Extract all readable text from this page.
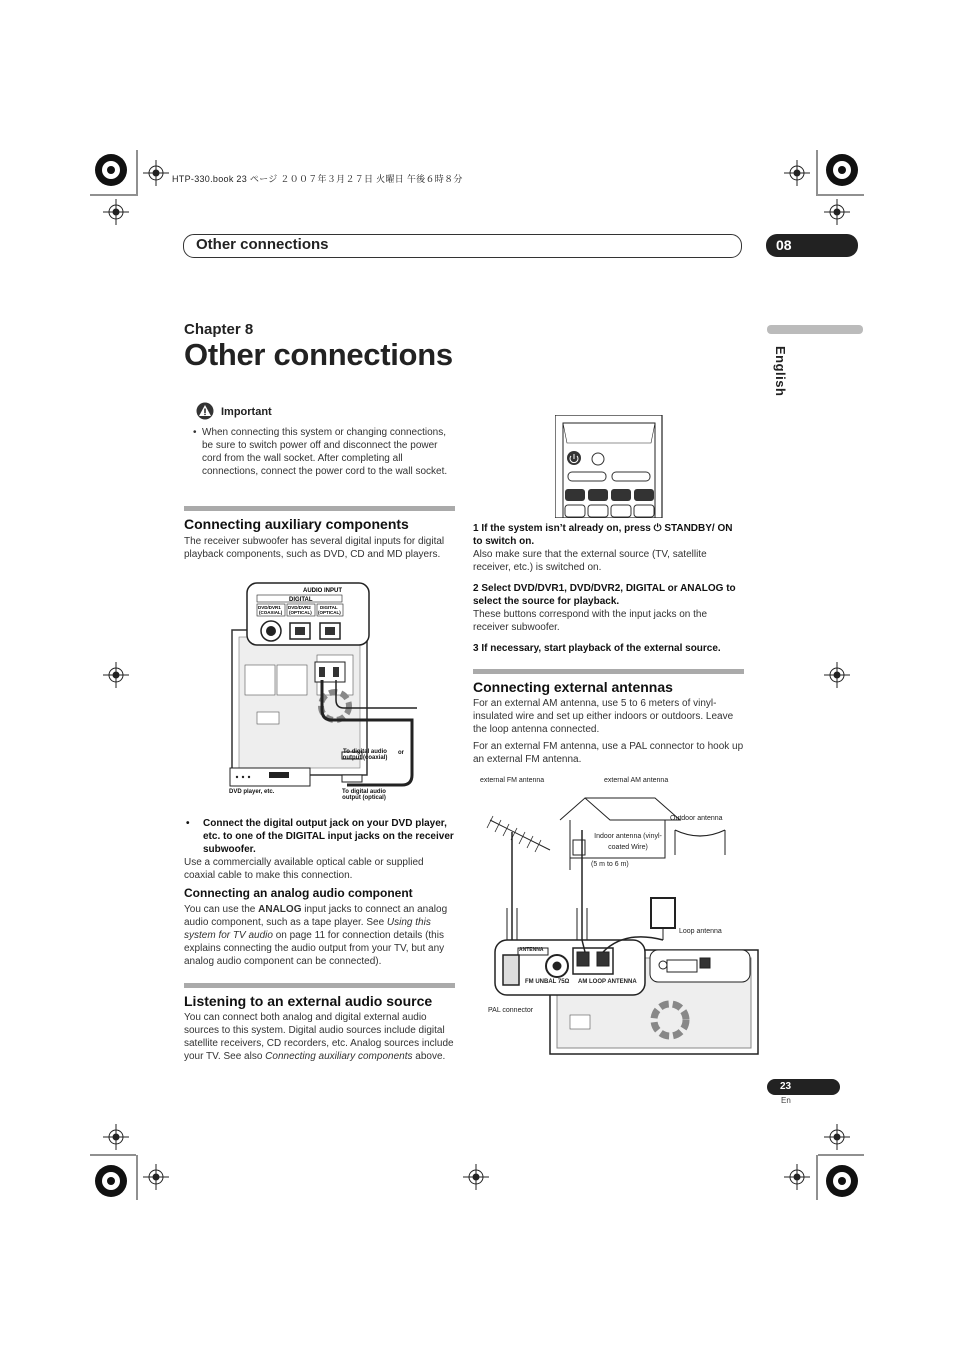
HTP-330.book 23 ページ ２００７年３月２７日 火曜日 午後６時８分
Other connections	08
Chapter 8
Other connections	English
Important
• When connecting this system or changing connections, be sure to switch power off and disconnect the power cord from the wall socket. After completing all connections, connect the power cord to the wall socket.
Connecting auxiliary components
The receiver subwoofer has several digital inputs for digital playback components, such as DVD, CD and MD players.
AUDIO INPUT
DIGITAL
DVD/DVR1
(COAXIAL)
DVD/DVR2
(OPTICAL)
DIGITAL
(OPTICAL)
To digital audio output (coaxial)
or
DVD player, etc.	To digital audio output (optical)
• Connect the digital output jack on your DVD player, etc. to one of the DIGITAL input jacks on the receiver subwoofer.
Use a commercially available optical cable or supplied coaxial cable to make this connection.
Connecting an analog audio component
You can use the ANALOG input jacks to connect an analog audio component, such as a tape player. See Using this system for TV audio on page 11 for connection details (this explains connecting the audio output from your TV, but any analog audio component can be connected).
Listening to an external audio source
You can connect both analog and digital external audio sources to this system. Digital audio sources include digital satellite receivers, CD recorders, etc. Analog sources include your TV. See also Connecting auxiliary components above.
1 If the system isn’t already on, press ⏻ STANDBY/ ON to switch on.
Also make sure that the external source (TV, satellite receiver, etc.) is switched on.
2 Select DVD/DVR1, DVD/DVR2, DIGITAL or ANALOG to select the source for playback.
These buttons correspond with the input jacks on the receiver subwoofer.
3 If necessary, start playback of the external source.
Connecting external antennas
For an external AM antenna, use 5 to 6 meters of vinyl-insulated wire and set up either indoors or outdoors. Leave the loop antenna connected.
For an external FM antenna, use a PAL connector to hook up an external FM antenna.
external FM antenna	external AM antenna
Outdoor antenna
Indoor antenna (vinyl-coated Wire)
(5 m to 6 m)
Loop antenna
ANTENNA
FM UNBAL 75Ω AM LOOP ANTENNA
PAL connector
23
En
